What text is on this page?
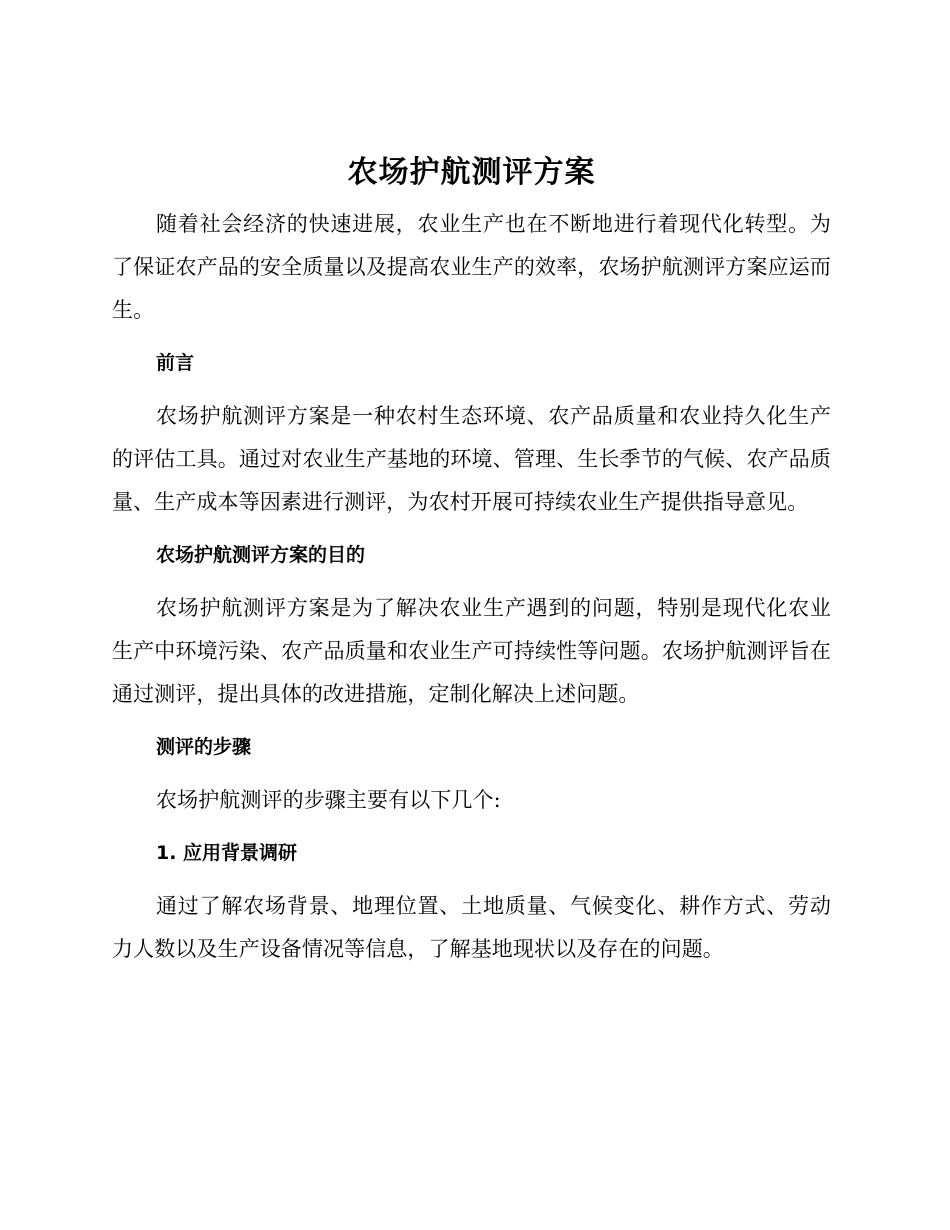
农场护航测评方案

随着社会经济的快速进展，农业生产也在不断地进行着现代化转型。为了保证农产品的安全质量以及提高农业生产的效率，农场护航测评方案应运而生。

前言

农场护航测评方案是一种农村生态环境、农产品质量和农业持久化生产的评估工具。通过对农业生产基地的环境、管理、生长季节的气候、农产品质量、生产成本等因素进行测评，为农村开展可持续农业生产提供指导意见。

农场护航测评方案的目的

农场护航测评方案是为了解决农业生产遇到的问题，特别是现代化农业生产中环境污染、农产品质量和农业生产可持续性等问题。农场护航测评旨在通过测评，提出具体的改进措施，定制化解决上述问题。

测评的步骤

农场护航测评的步骤主要有以下几个:

1. 应用背景调研

通过了解农场背景、地理位置、土地质量、气候变化、耕作方式、劳动力人数以及生产设备情况等信息，了解基地现状以及存在的问题。
